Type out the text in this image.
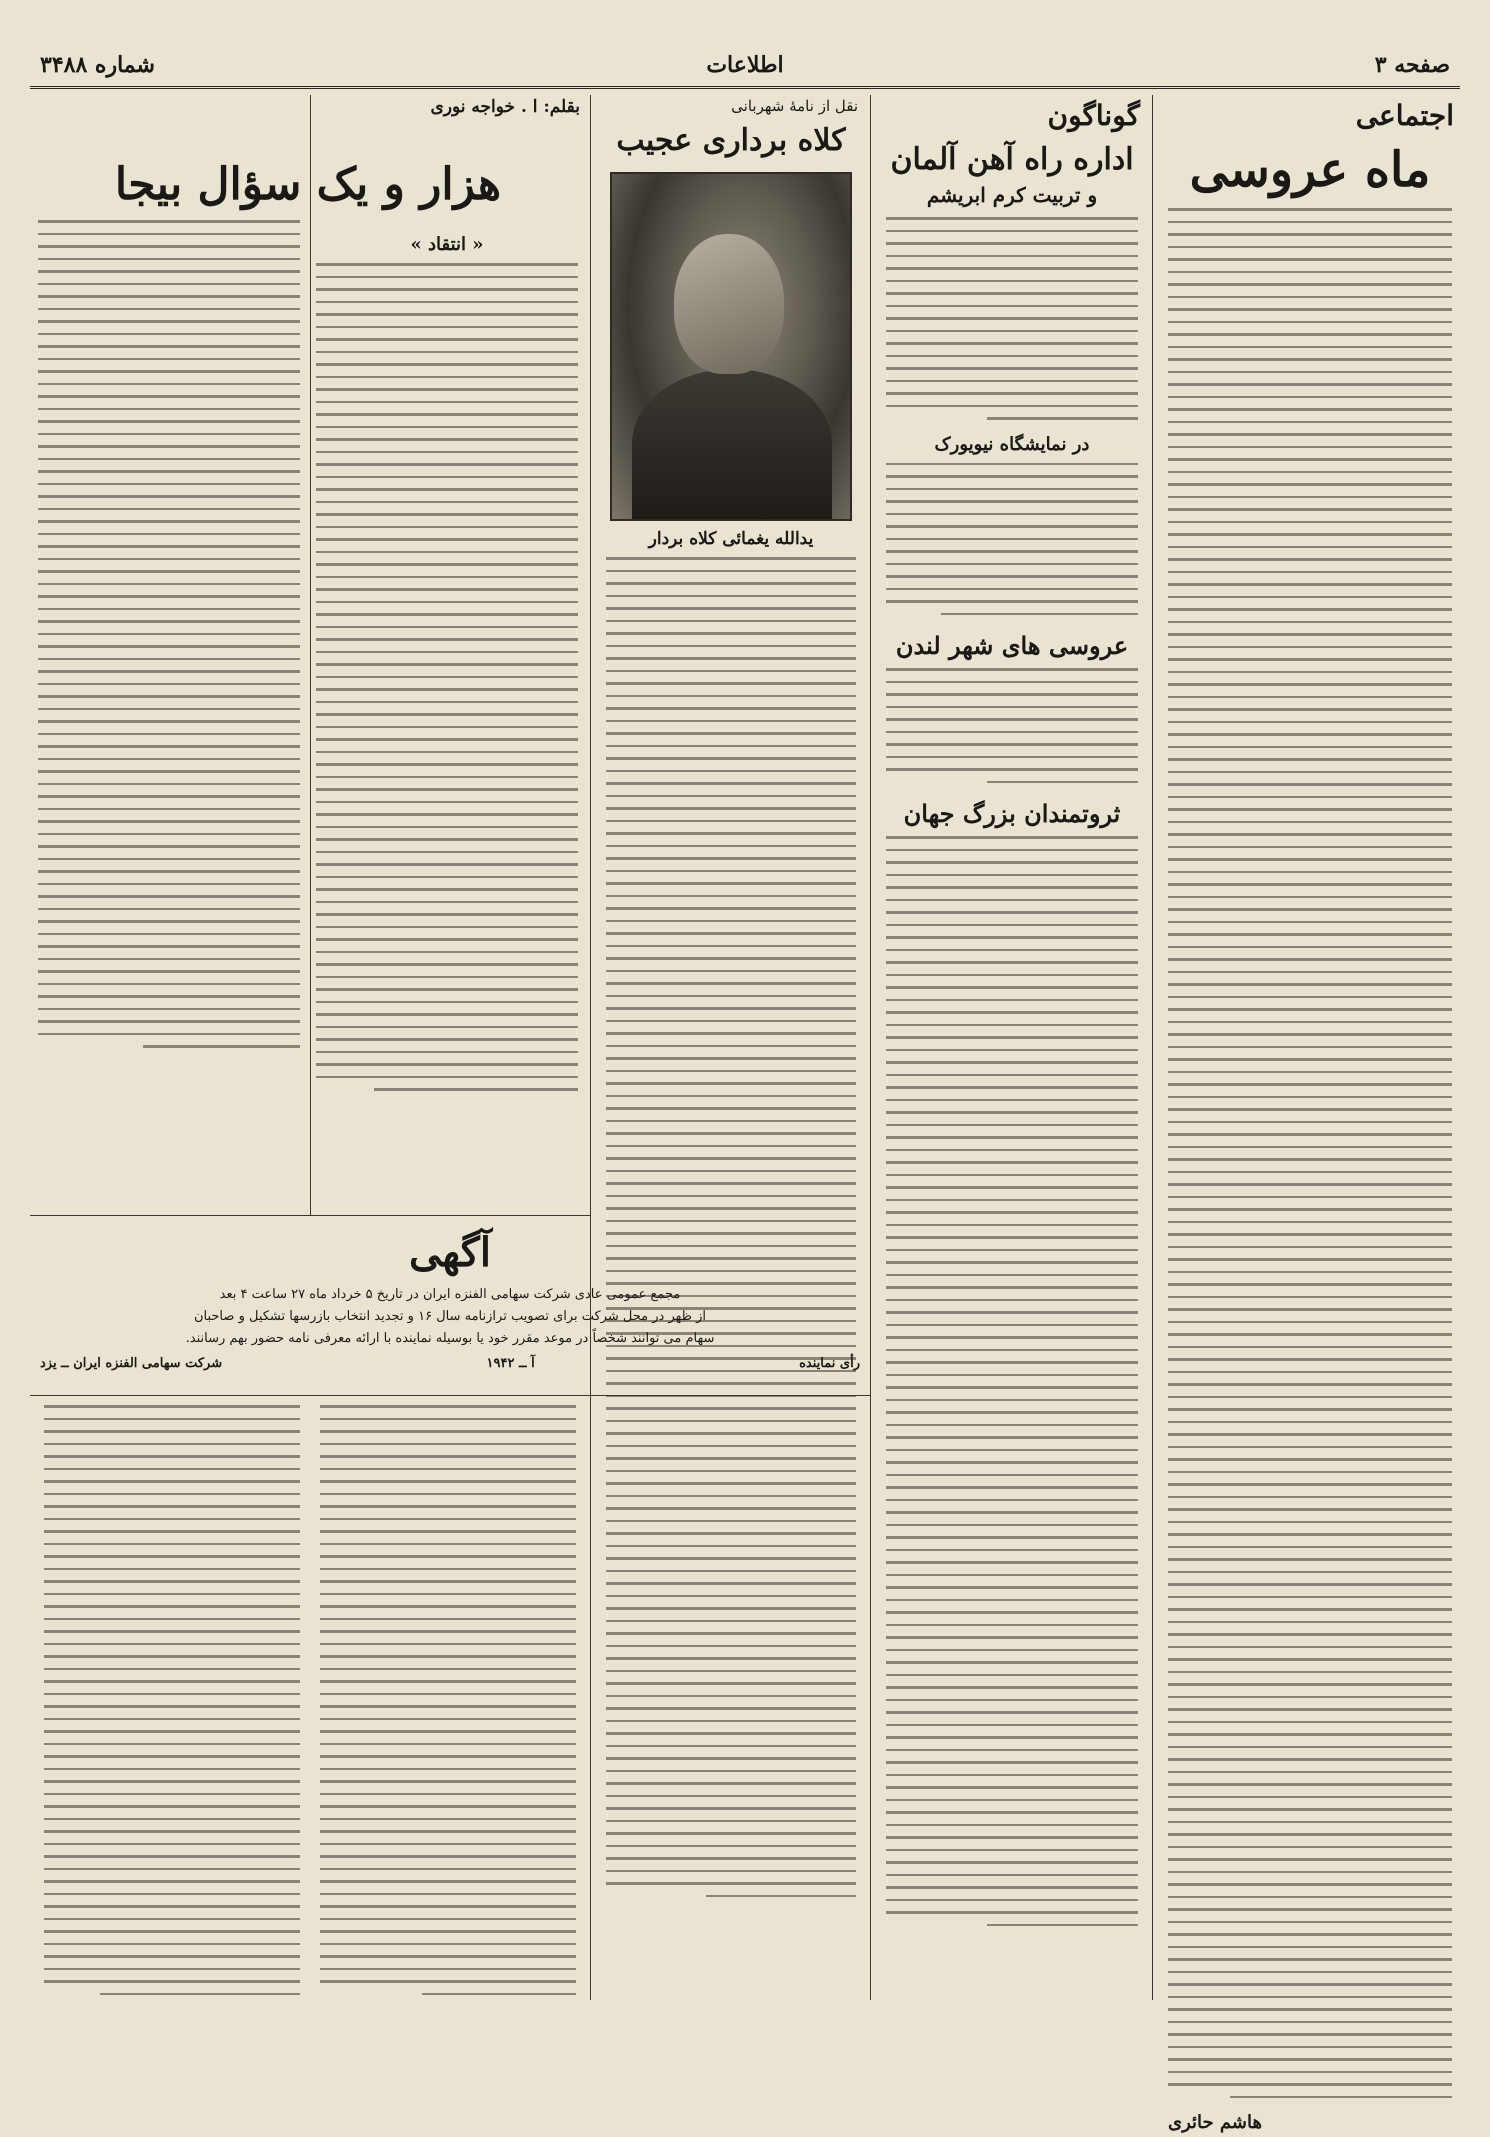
صفحه ۳
اطلاعات
شماره ۳۴۸۸
اجتماعی
ماه عروسی
هاشم حائری
گوناگون
اداره راه آهن آلمان
و تربیت کرم ابریشم
در نمایشگاه نیویورک
عروسی های شهر لندن
ثروتمندان بزرگ جهان
نقل از نامهٔ شهربانی
کلاه برداری عجیب
یدالله یغمائی کلاه بردار
بقلم: ا . خواجه نوری
هزار و یک سؤال بیجا
« انتقاد »
آگهی
مجمع عمومی عادی شرکت سهامی الفنزه ایران در تاریخ ۵ خرداد ماه ۲۷ ساعت ۴ بعد
از ظهر در محل شرکت برای تصویب ترازنامه سال ۱۶ و تجدید انتخاب بازرسها تشکیل و صاحبان
سهام می توانند شخصاً در موعد مقرر خود یا بوسیله نماینده با ارائه معرفی نامه حضور بهم رسانند.
رأی نماینده
آ ــ ۱۹۴۲
شرکت سهامی الفنزه ایران ــ یزد
